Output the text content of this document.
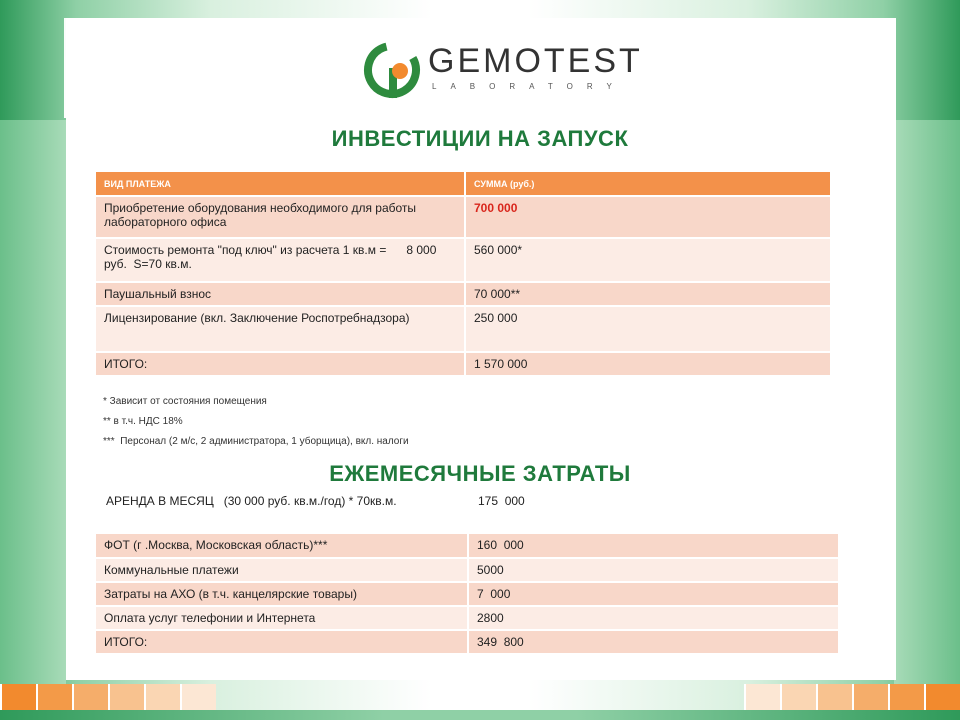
GEMOTEST
LABORATORY
ИНВЕСТИЦИИ НА ЗАПУСК
ВИД ПЛАТЕЖА	СУММА (руб.)
Приобретение оборудования необходимого для работы лабораторного офиса	700 000
Стоимость ремонта "под ключ" из расчета 1 кв.м =      8 000 руб.  S=70 кв.м.	560 000*
Паушальный взнос	70 000**
Лицензирование (вкл. Заключение Роспотребнадзора)	250 000
ИТОГО:	1 570 000
* Зависит от состояния помещения
** в т.ч. НДС 18%
***  Персонал (2 м/с, 2 администратора, 1 уборщица), вкл. налоги
ЕЖЕМЕСЯЧНЫЕ ЗАТРАТЫ
АРЕНДА В МЕСЯЦ   (30 000 руб. кв.м./год) * 70кв.м.	175  000
ФОТ (г .Москва, Московская область)***	160  000
Коммунальные платежи	5000
Затраты на АХО (в т.ч. канцелярские товары)	7  000
Оплата услуг телефонии и Интернета	2800
ИТОГО:	349  800
